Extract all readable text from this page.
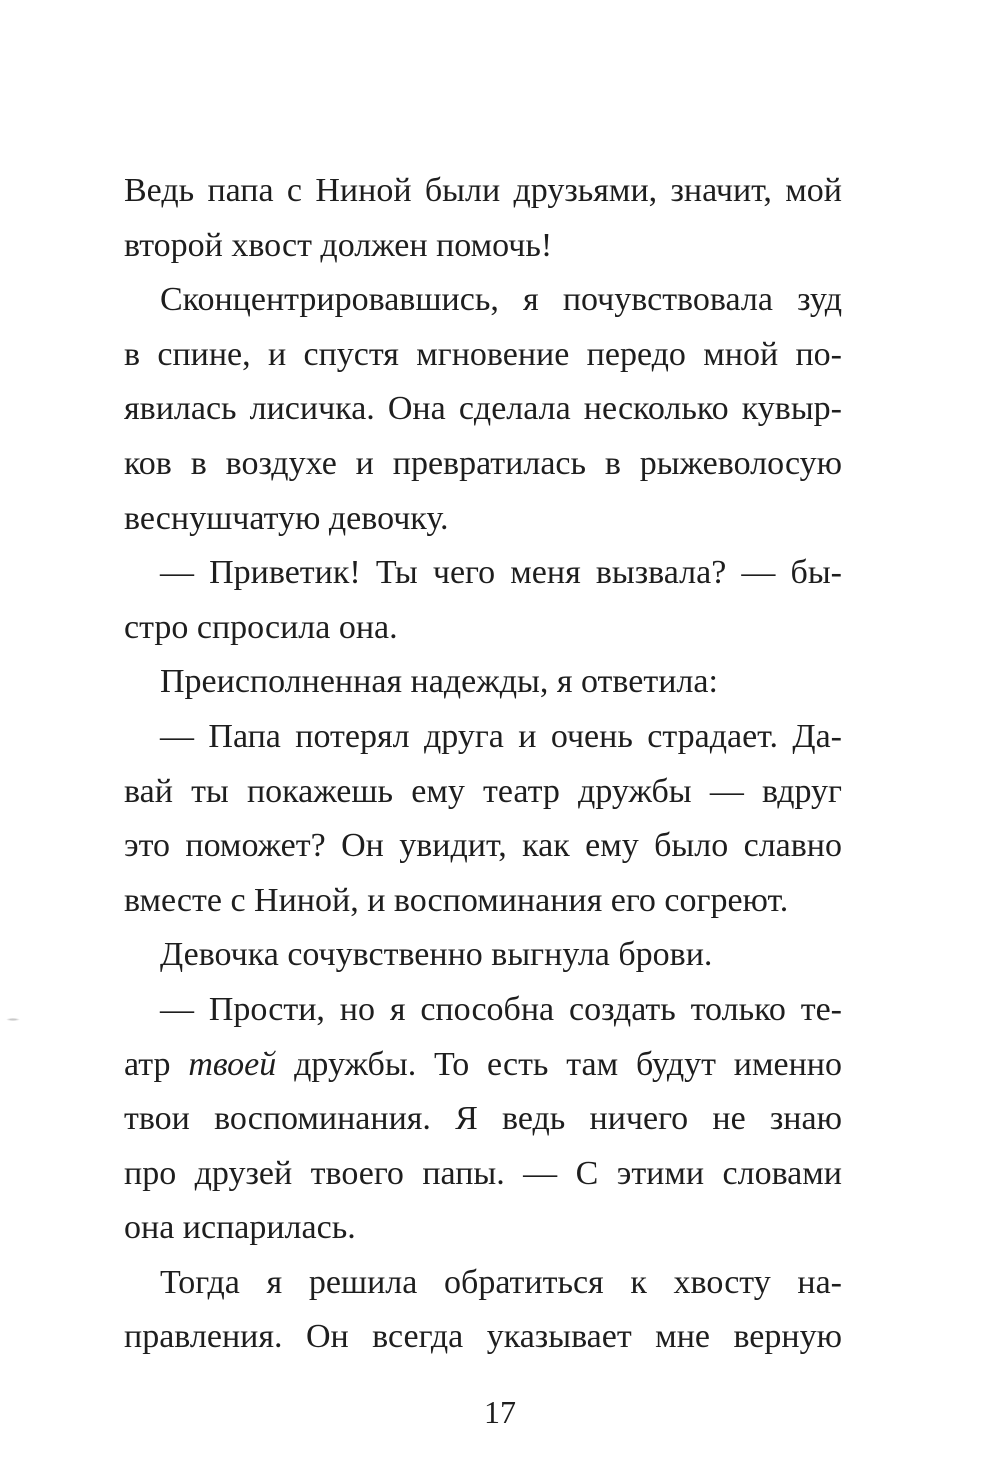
Ведь папа с Ниной были друзьями, значит, мой
второй хвост должен помочь!
Сконцентрировавшись, я почувствовала зуд
в спине, и спустя мгновение передо мной по-
явилась лисичка. Она сделала несколько кувыр-
ков в воздухе и превратилась в рыжеволосую
веснушчатую девочку.
— Приветик! Ты чего меня вызвала? — бы-
стро спросила она.
Преисполненная надежды, я ответила:
— Папа потерял друга и очень страдает. Да-
вай ты покажешь ему театр дружбы — вдруг
это поможет? Он увидит, как ему было славно
вместе с Ниной, и воспоминания его согреют.
Девочка сочувственно выгнула брови.
— Прости, но я способна создать только те-
атр твоей дружбы. То есть там будут именно
твои воспоминания. Я ведь ничего не знаю
про друзей твоего папы. — С этими словами
она испарилась.
Тогда я решила обратиться к хвосту на-
правления. Он всегда указывает мне верную
17
